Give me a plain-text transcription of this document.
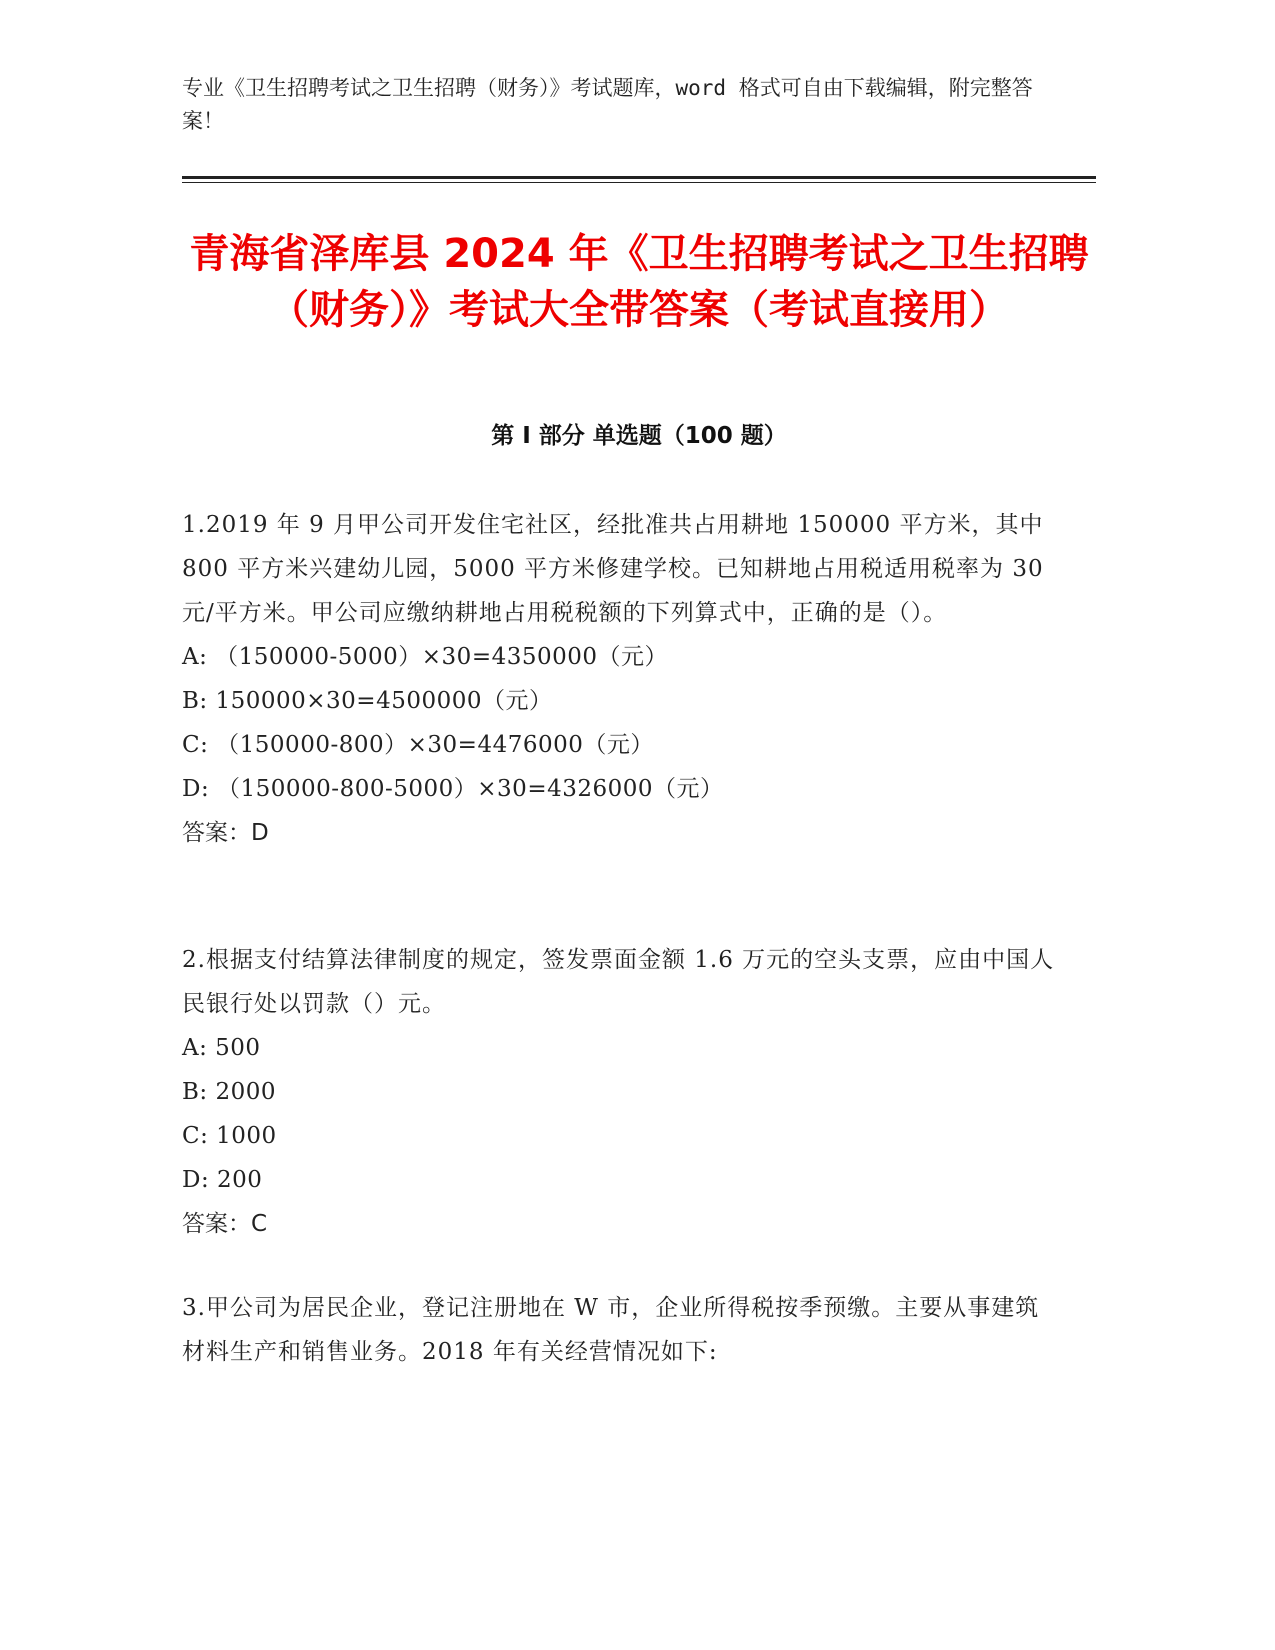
专业《卫生招聘考试之卫生招聘（财务）》考试题库，word 格式可自由下载编辑，附完整答案！
青海省泽库县 2024 年《卫生招聘考试之卫生招聘（财务）》考试大全带答案（考试直接用）
第 I 部分 单选题（100 题）
1.2019 年 9 月甲公司开发住宅社区，经批准共占用耕地 150000 平方米，其中 800 平方米兴建幼儿园，5000 平方米修建学校。已知耕地占用税适用税率为 30 元/平方米。甲公司应缴纳耕地占用税税额的下列算式中，正确的是（）。
A: （150000-5000）×30=4350000（元）
B: 150000×30=4500000（元）
C: （150000-800）×30=4476000（元）
D: （150000-800-5000）×30=4326000（元）
答案：D
2.根据支付结算法律制度的规定，签发票面金额 1.6 万元的空头支票，应由中国人民银行处以罚款（）元。
A: 500
B: 2000
C: 1000
D: 200
答案：C
3.甲公司为居民企业，登记注册地在 W 市，企业所得税按季预缴。主要从事建筑材料生产和销售业务。2018 年有关经营情况如下:
